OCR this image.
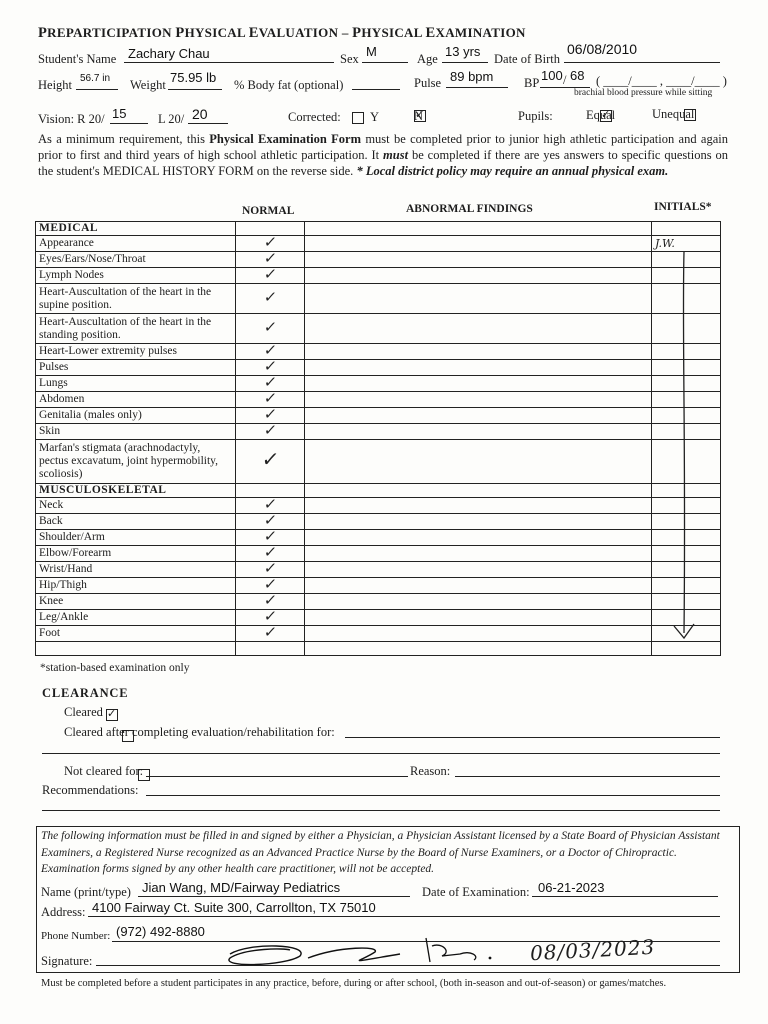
PREPARTICIPATION PHYSICAL EVALUATION – PHYSICAL EXAMINATION
Student's Name Zachary Chau	Sex M	Age 13 yrs Date of Birth
06/08/2010
Height 56.7 in Weight 75.95 lb % Body fat (optional)	Pulse 89 bpm BP 100 / 68 ( ____/____ , ____/____ )
brachial blood pressure while sitting
Vision: R 20/ 15	L 20/ 20	Corrected:
Y ✓	N	Pupils:
✓	Equal
	Unequal
As a minimum requirement, this Physical Examination Form must be completed prior to junior high athletic participation and again prior to first and third years of high school athletic participation. It must be completed if there are yes answers to specific questions on the student's MEDICAL HISTORY FORM on the reverse side. * Local district policy may require an annual physical exam.
NORMAL	ABNORMAL FINDINGS	INITIALS*
MEDICAL			
Appearance	✓		J.W.
Eyes/Ears/Nose/Throat	✓		
Lymph Nodes	✓		
Heart-Auscultation of the heart in the supine position.	✓		
Heart-Auscultation of the heart in the standing position.	✓		
Heart-Lower extremity pulses	✓		
Pulses	✓		
Lungs	✓		
Abdomen	✓		
Genitalia (males only)	✓		
Skin	✓		
Marfan's stigmata (arachnodactyly, pectus excavatum, joint hypermobility, scoliosis)	✓		
MUSCULOSKELETAL			
Neck	✓		
Back	✓		
Shoulder/Arm	✓		
Elbow/Forearm	✓		
Wrist/Hand	✓		
Hip/Thigh	✓		
Knee	✓		
Leg/Ankle	✓		
Foot	✓		

*station-based examination only
CLEARANCE
✓
Cleared

Cleared after completing evaluation/rehabilitation for:
Not cleared for:	Reason:
Recommendations:
The following information must be filled in and signed by either a Physician, a Physician Assistant licensed by a State Board of Physician Assistant Examiners, a Registered Nurse recognized as an Advanced Practice Nurse by the Board of Nurse Examiners, or a Doctor of Chiropractic. Examination forms signed by any other health care practitioner, will not be accepted.
Name (print/type) Jian Wang, MD/Fairway Pediatrics	Date of Examination: 06-21-2023
Address: 4100 Fairway Ct. Suite 300, Carrollton, TX 75010
Phone Number: (972) 492-8880
Signature:	08/03/2023
Must be completed before a student participates in any practice, before, during or after school, (both in-season and out-of-season) or games/matches.
